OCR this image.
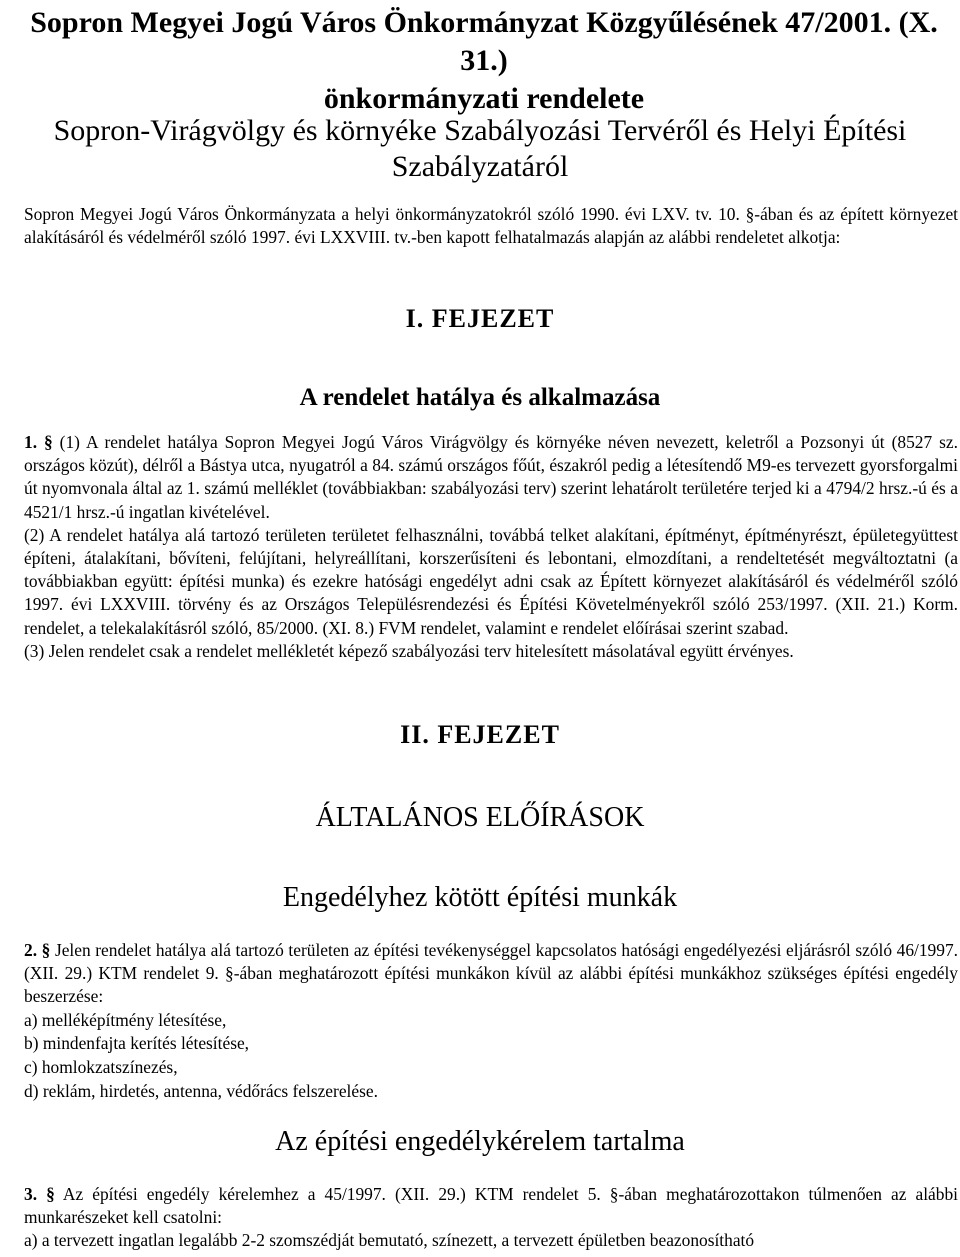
Sopron Megyei Jogú Város Önkormányzat Közgyűlésének 47/2001. (X. 31.)
önkormányzati rendelete
Sopron-Virágvölgy és környéke Szabályozási Tervéről és Helyi Építési
Szabályzatáról

Sopron Megyei Jogú Város Önkormányzata a helyi önkormányzatokról szóló 1990. évi LXV. tv. 10. §-ában és az épített környezet alakításáról és védelméről szóló 1997. évi LXXVIII. tv.-ben kapott felhatalmazás alapján az alábbi rendeletet alkotja:

I. FEJEZET
A rendelet hatálya és alkalmazása

1. § (1) A rendelet hatálya Sopron Megyei Jogú Város Virágvölgy és környéke néven nevezett, keletről a Pozsonyi út (8527 sz. országos közút), délről a Bástya utca, nyugatról a 84. számú országos főút, északról pedig a létesítendő M9-es tervezett gyorsforgalmi út nyomvonala által az 1. számú melléklet (továbbiakban: szabályozási terv) szerint lehatárolt területére terjed ki a 4794/2 hrsz.-ú és a 4521/1 hrsz.-ú ingatlan kivételével.

(2) A rendelet hatálya alá tartozó területen területet felhasználni, továbbá telket alakítani, építményt, építményrészt, épületegyüttest építeni, átalakítani, bővíteni, felújítani, helyreállítani, korszerűsíteni és lebontani, elmozdítani, a rendeltetését megváltoztatni (a továbbiakban együtt: építési munka) és ezekre hatósági engedélyt adni csak az Épített környezet alakításáról és védelméről szóló 1997. évi LXXVIII. törvény és az Országos Településrendezési és Építési Követelményekről szóló 253/1997. (XII. 21.) Korm. rendelet, a telekalakításról szóló, 85/2000. (XI. 8.) FVM rendelet, valamint e rendelet előírásai szerint szabad.

(3) Jelen rendelet csak a rendelet mellékletét képező szabályozási terv hitelesített másolatával együtt érvényes.

II. FEJEZET
ÁLTALÁNOS ELŐÍRÁSOK
Engedélyhez kötött építési munkák

2. § Jelen rendelet hatálya alá tartozó területen az építési tevékenységgel kapcsolatos hatósági engedélyezési eljárásról szóló 46/1997. (XII. 29.) KTM rendelet 9. §-ában meghatározott építési munkákon kívül az alábbi építési munkákhoz szükséges építési engedély beszerzése:

a) melléképítmény létesítése,

b) mindenfajta kerítés létesítése,

c) homlokzatszínezés,

d) reklám, hirdetés, antenna, védőrács felszerelése.

Az építési engedélykérelem tartalma

3. § Az építési engedély kérelemhez a 45/1997. (XII. 29.) KTM rendelet 5. §-ában meghatározottakon túlmenően az alábbi munkarészeket kell csatolni:

a) a tervezett ingatlan legalább 2-2 szomszédját bemutató, színezett, a tervezett épületben beazonosítható
